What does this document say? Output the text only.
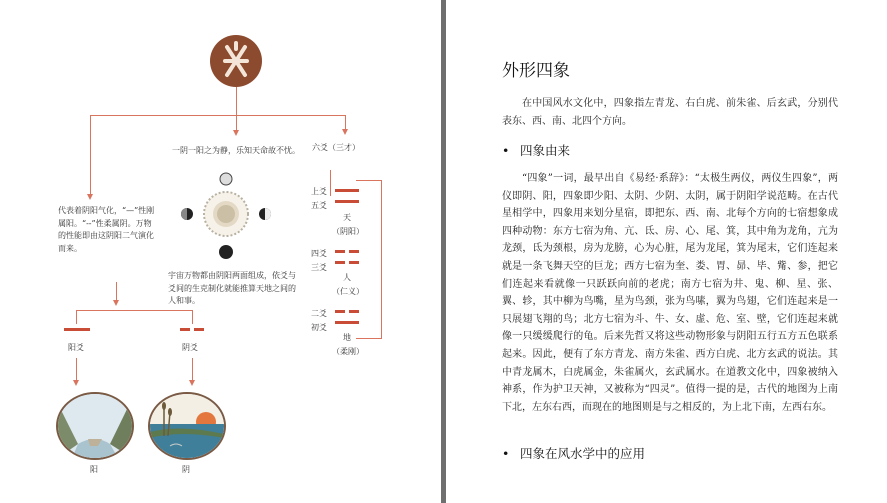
一阴一阳之为静，乐知天命故不忧。
代表着阴阳气化，“—”性刚属阳。“--”性柔属阴。万物的性能即由这阴阳二气演化而来。
宇宙万物都由阴阳两面组成，依爻与爻间的生克制化就能推算天地之间的人和事。
六爻（三才）
上爻
五爻
天
（阴阳）
四爻
三爻
人
（仁义）
二爻
初爻
地
（柔刚）
阳爻	阴爻
阳	阴
外形四象
在中国风水文化中，四象指左青龙、右白虎、前朱雀、后玄武，分别代表东、西、南、北四个方向。
• 四象由来
“四象”一词，最早出自《易经·系辞》：“太极生两仪，两仪生四象”，两仪即阴、阳，四象即少阳、太阴、少阴、太阴，属于阴阳学说范畴。在古代星相学中，四象用来划分星宿，即把东、西、南、北每个方向的七宿想象成四种动物：东方七宿为角、亢、氐、房、心、尾、箕，其中角为龙角，亢为龙颈，氐为颈根，房为龙膀，心为心脏，尾为龙尾，箕为尾末，它们连起来就是一条飞舞天空的巨龙；西方七宿为奎、娄、胃、昴、毕、觜、参，把它们连起来看就像一只跃跃向前的老虎；南方七宿为井、鬼、柳、星、张、翼、轸，其中柳为鸟嘴，星为鸟颈，张为鸟嗉，翼为鸟翅，它们连起来是一只展翅飞翔的鸟；北方七宿为斗、牛、女、虚、危、室、壁，它们连起来就像一只缓缓爬行的龟。后来先哲又将这些动物形象与阴阳五行五方五色联系起来。因此，便有了东方青龙、南方朱雀、西方白虎、北方玄武的说法。其中青龙属木，白虎属金，朱雀属火，玄武属水。在道教文化中，四象被纳入神系，作为护卫天神，又被称为“四灵”。值得一提的是，古代的地图为上南下北，左东右西，而现在的地图则是与之相反的，为上北下南，左西右东。
• 四象在风水学中的应用
